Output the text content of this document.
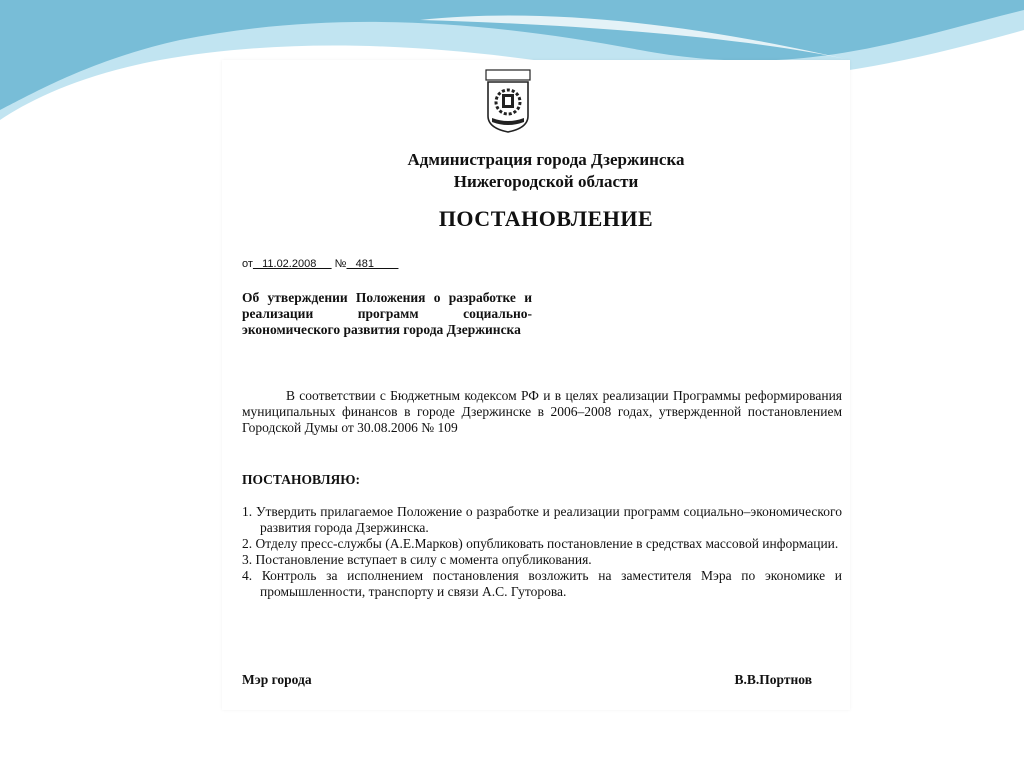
Администрация города Дзержинска
Нижегородской области
ПОСТАНОВЛЕНИЕ
от   11.02.2008      №   481
Об утверждении Положения о разработке и реализации программ социально-экономического развития города Дзержинска
В соответствии с Бюджетным кодексом РФ и в целях реализации Программы реформирования муниципальных финансов в городе Дзержинске в 2006–2008 годах, утвержденной постановлением Городской Думы от 30.08.2006 № 109
ПОСТАНОВЛЯЮ:
1. Утвердить прилагаемое Положение о разработке и реализации программ социально–экономического развития города Дзержинска.
2. Отделу пресс-службы (А.Е.Марков) опубликовать постановление в средствах массовой информации.
3. Постановление вступает в силу с момента опубликования.
4. Контроль за исполнением постановления возложить на заместителя Мэра по экономике и промышленности, транспорту и связи А.С. Гуторова.
Мэр города	В.В.Портнов
